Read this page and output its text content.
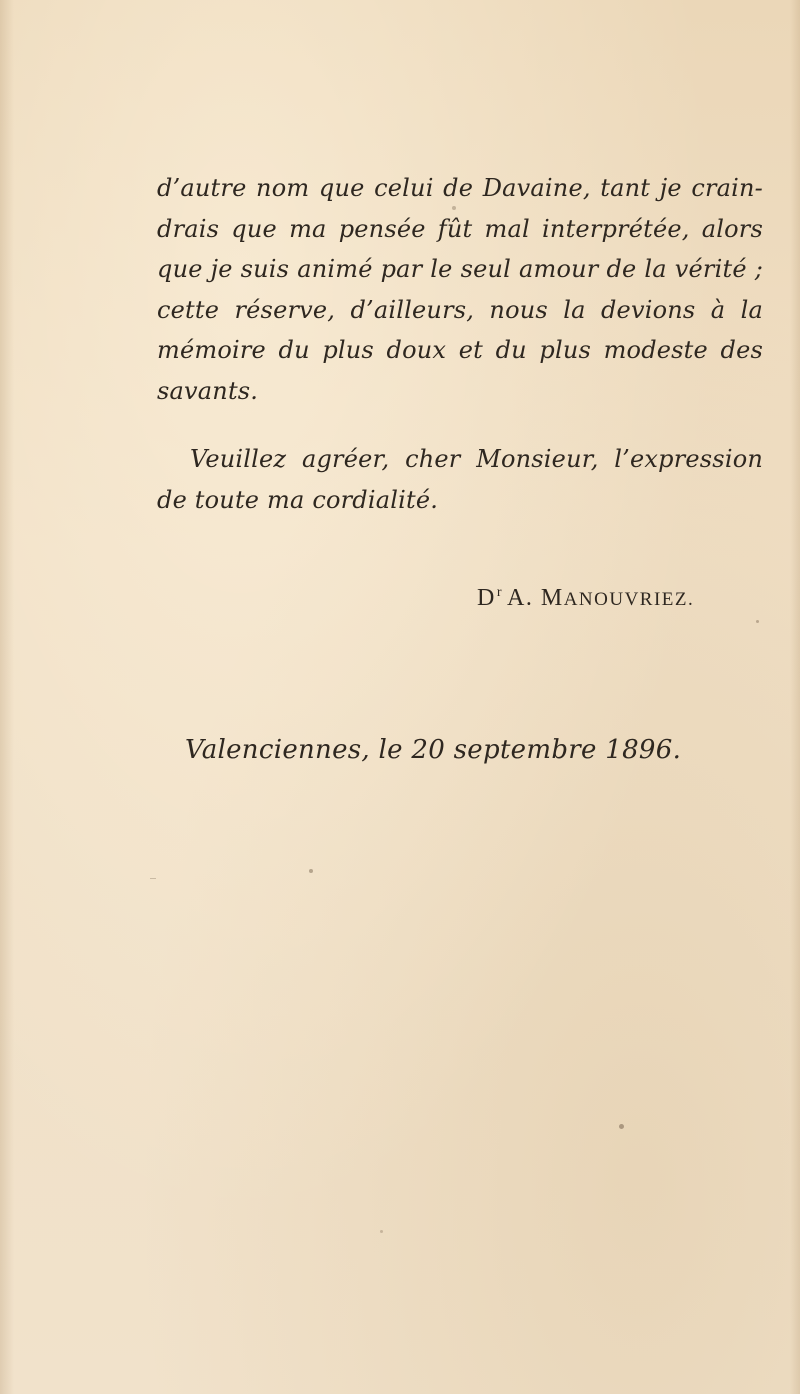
d’autre nom que celui de Davaine, tant je crain-
drais que ma pensée fût mal interprétée, alors
que je suis animé par le seul amour de la vérité ;
cette réserve, d’ailleurs, nous la devions à la
mémoire du plus doux et du plus modeste des
savants.

Veuillez agréer, cher Monsieur, l’expression
de toute ma cordialité.

$D^r$ A. MANOUVRIEZ.
Valenciennes, le 20 septembre 1896.
